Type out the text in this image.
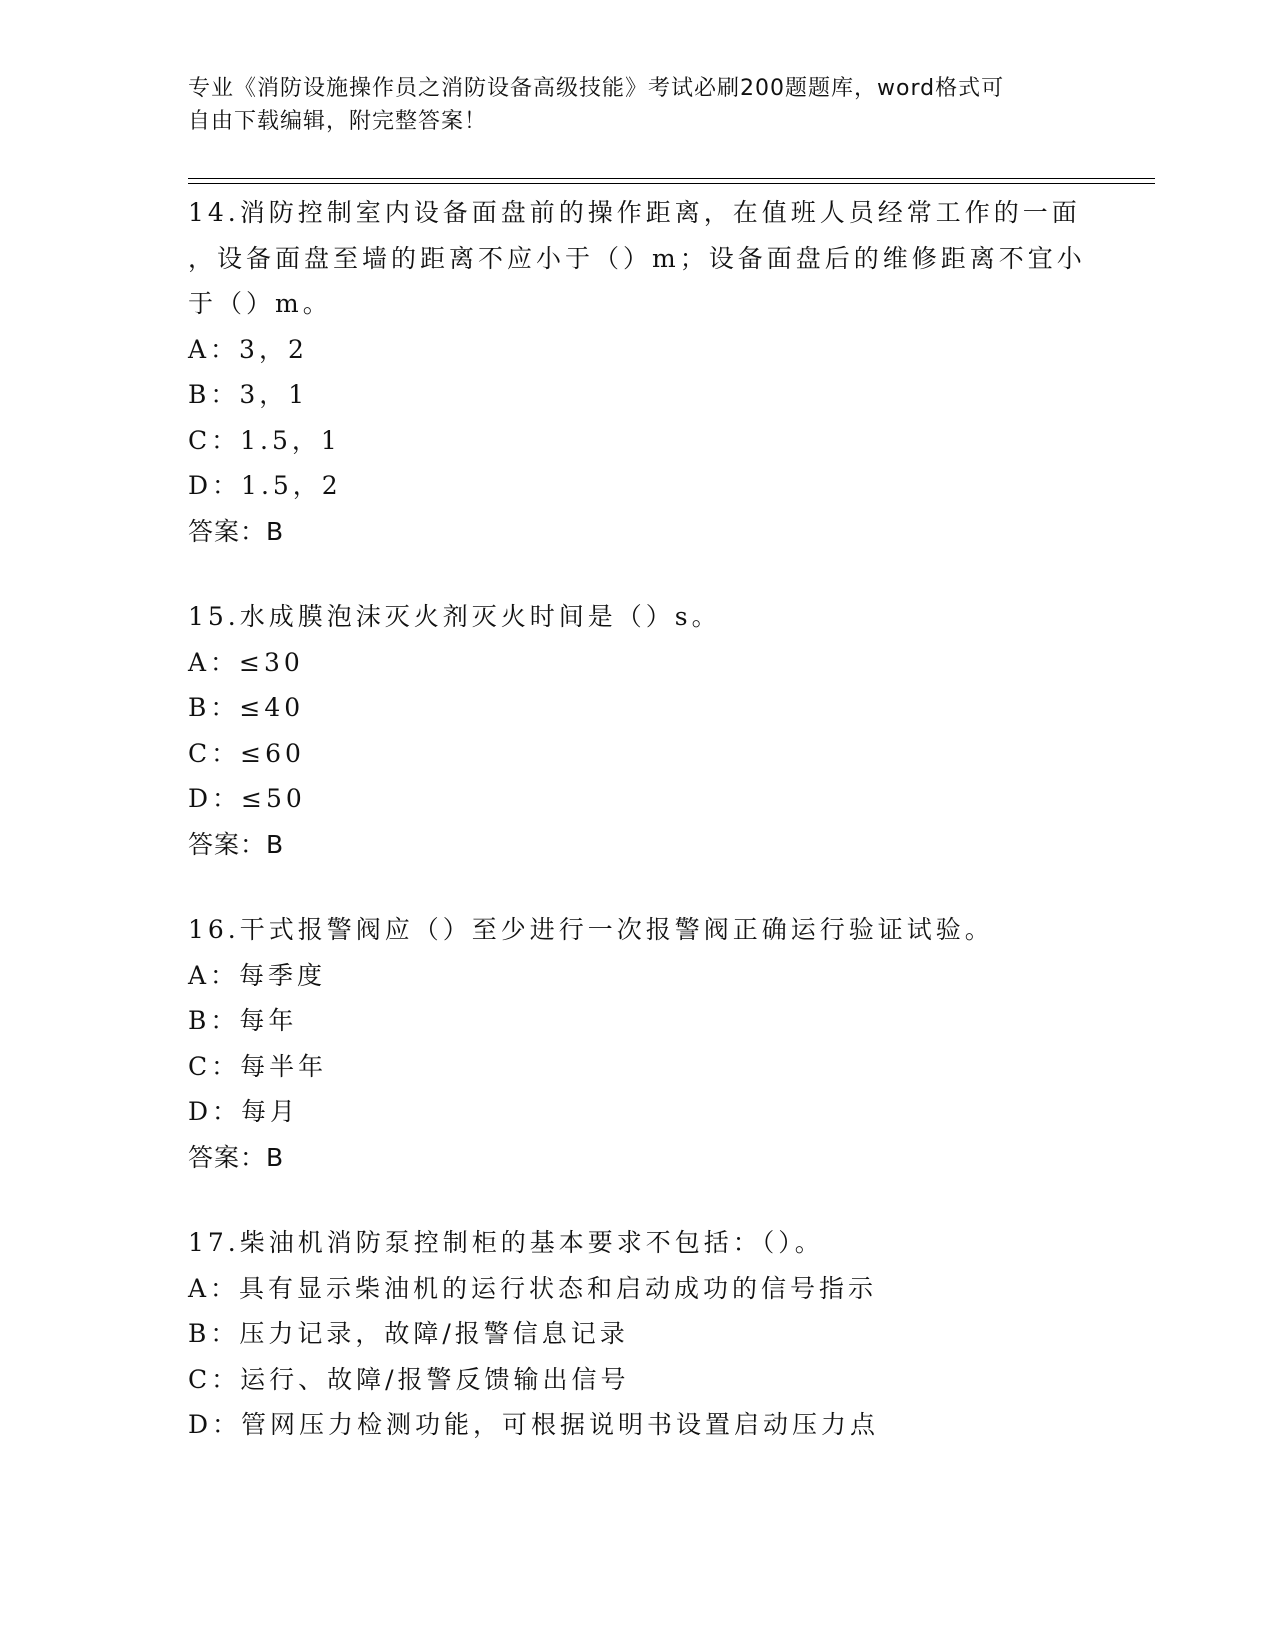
专业《消防设施操作员之消防设备高级技能》考试必刷200题题库，word格式可
自由下载编辑，附完整答案！
14.消防控制室内设备面盘前的操作距离，在值班人员经常工作的一面
，设备面盘至墙的距离不应小于（）m；设备面盘后的维修距离不宜小
于（）m。
A：3，2
B：3，1
C：1.5，1
D：1.5，2
答案：B
15.水成膜泡沫灭火剂灭火时间是（）s。
A：≤30
B：≤40
C：≤60
D：≤50
答案：B
16.干式报警阀应（）至少进行一次报警阀正确运行验证试验。
A：每季度
B：每年
C：每半年
D：每月
答案：B
17.柴油机消防泵控制柜的基本要求不包括：（）。
A：具有显示柴油机的运行状态和启动成功的信号指示
B：压力记录，故障/报警信息记录
C：运行、故障/报警反馈输出信号
D：管网压力检测功能，可根据说明书设置启动压力点
